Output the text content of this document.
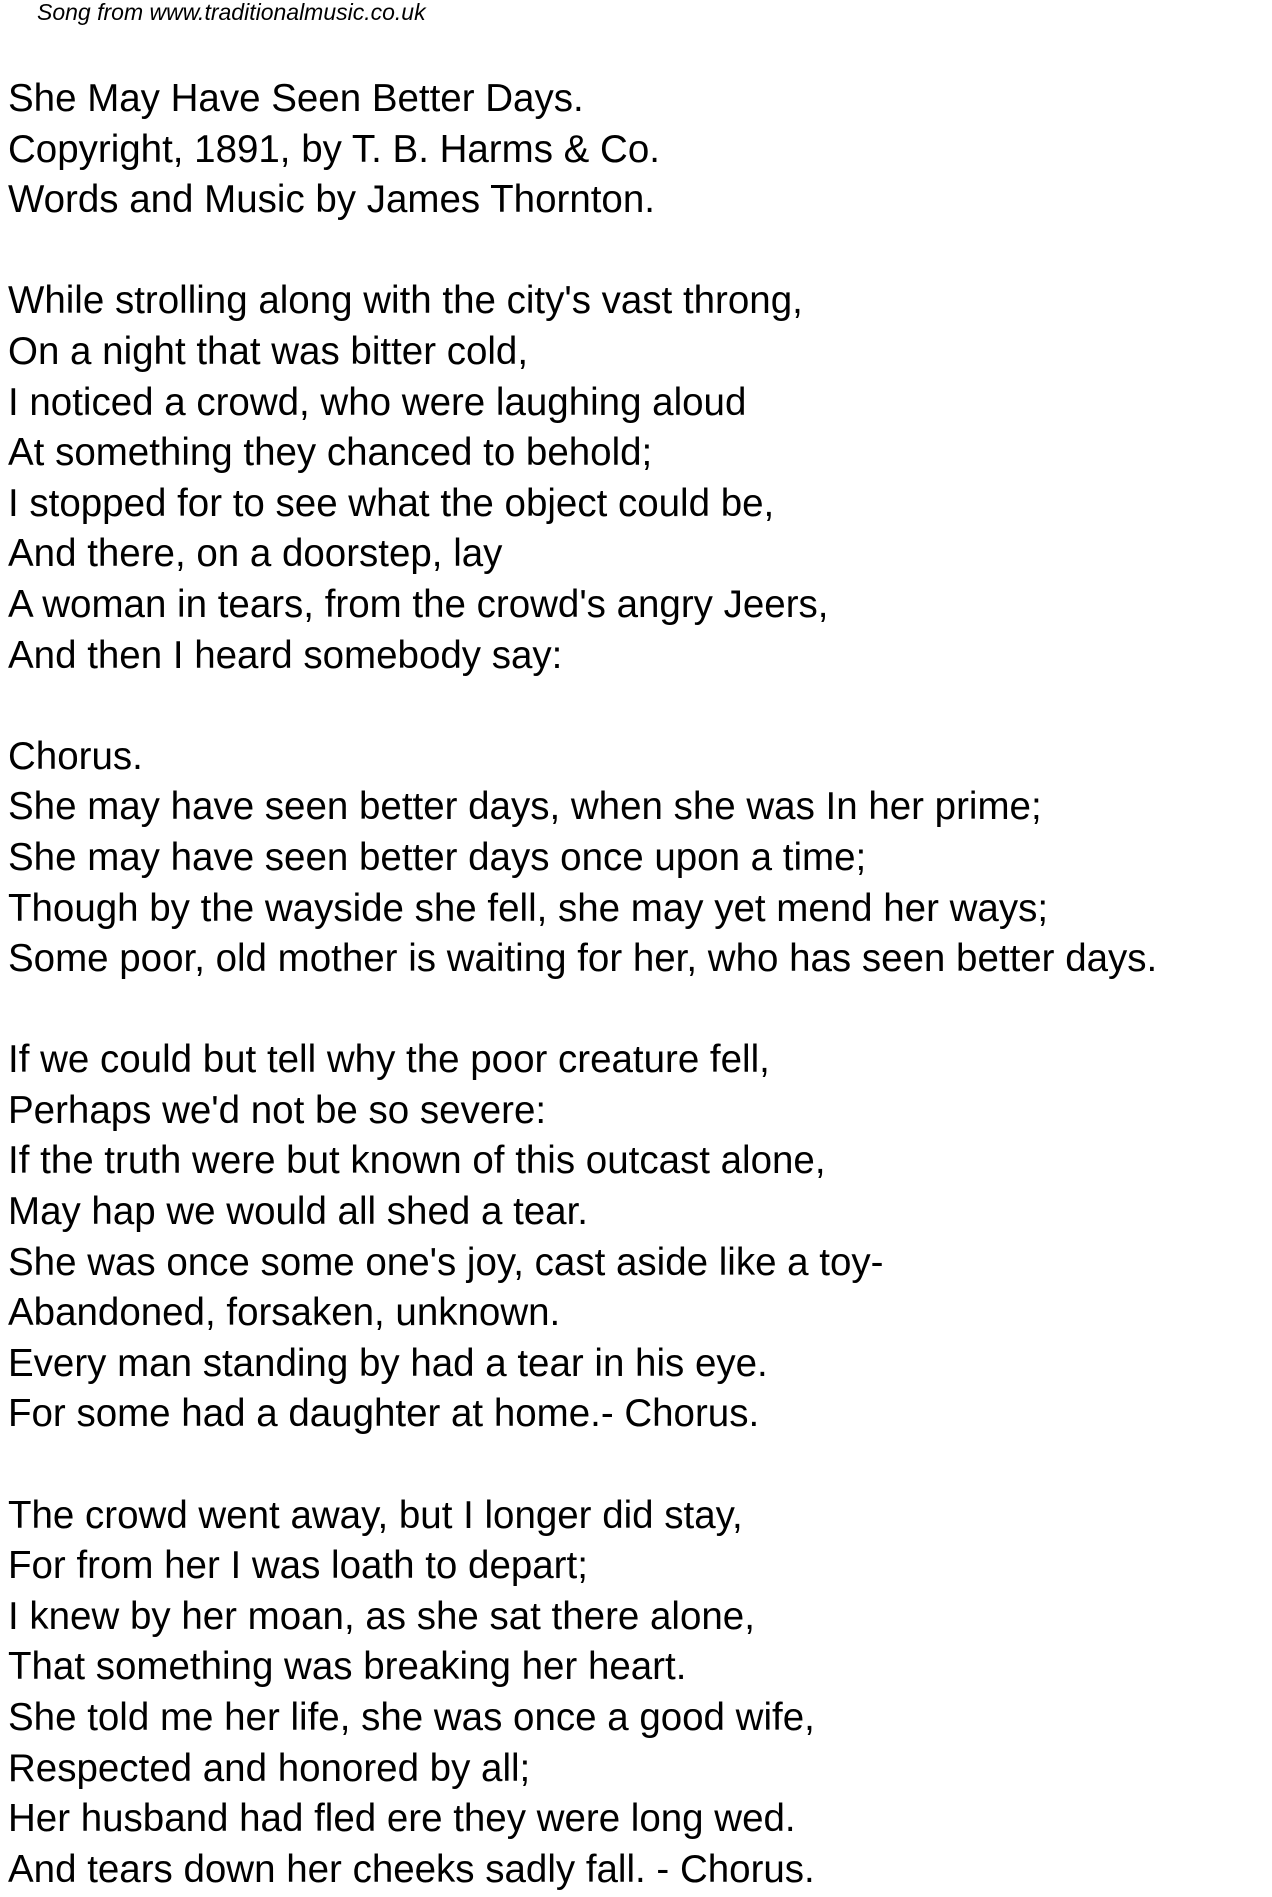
Song from www.traditionalmusic.co.uk
She May Have Seen Better Days.
Copyright, 1891, by T. B. Harms & Co.
Words and Music by James Thornton.
While strolling along with the city's vast throng,
On a night that was bitter cold,
I noticed a crowd, who were laughing aloud
At something they chanced to behold;
I stopped for to see what the object could be,
And there, on a doorstep, lay
A woman in tears, from the crowd's angry Jeers,
And then I heard somebody say:
Chorus.
She may have seen better days, when she was In her prime;
She may have seen better days once upon a time;
Though by the wayside she fell, she may yet mend her ways;
Some poor, old mother is waiting for her, who has seen better days.
If we could but tell why the poor creature fell,
Perhaps we'd not be so severe:
If the truth were but known of this outcast alone,
May hap we would all shed a tear.
She was once some one's joy, cast aside like a toy-
Abandoned, forsaken, unknown.
Every man standing by had a tear in his eye.
For some had a daughter at home.- Chorus.
The crowd went away, but I longer did stay,
For from her I was loath to depart;
I knew by her moan, as she sat there alone,
That something was breaking her heart.
She told me her life, she was once a good wife,
Respected and honored by all;
Her husband had fled ere they were long wed.
And tears down her cheeks sadly fall. - Chorus.
